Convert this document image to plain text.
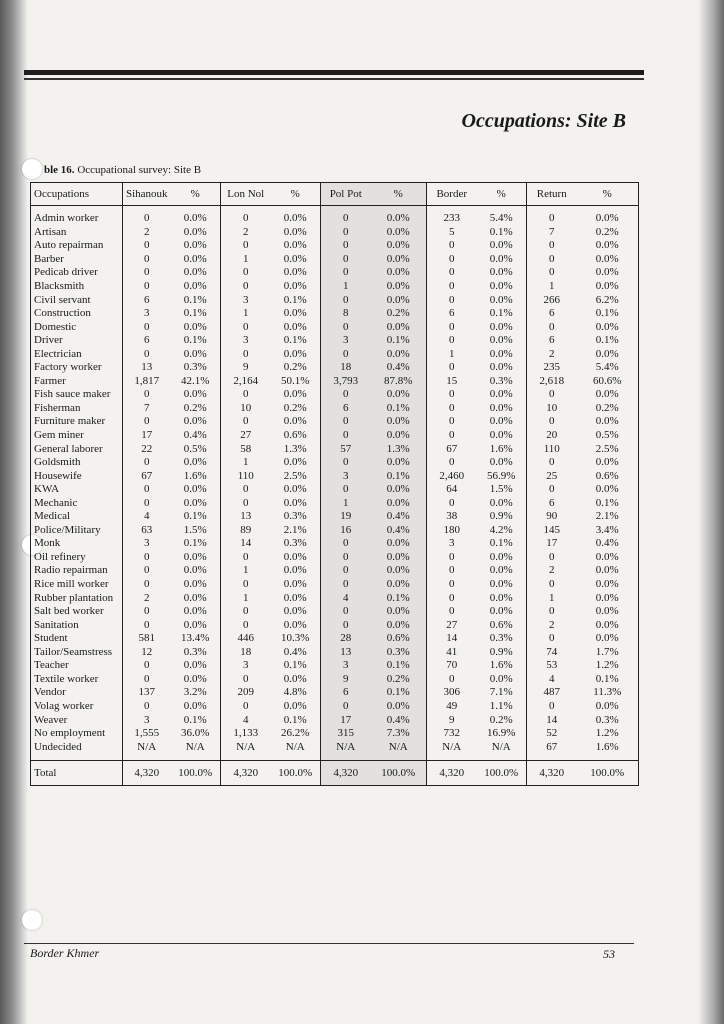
Occupations: Site B
ble 16. Occupational survey: Site B
Occupations	Sihanouk	%	Lon Nol	%	Pol Pot	%	Border	%	Return	%

Admin worker	0	0.0%	0	0.0%	0	0.0%	233	5.4%	0	0.0%
Artisan	2	0.0%	2	0.0%	0	0.0%	5	0.1%	7	0.2%
Auto repairman	0	0.0%	0	0.0%	0	0.0%	0	0.0%	0	0.0%
Barber	0	0.0%	1	0.0%	0	0.0%	0	0.0%	0	0.0%
Pedicab driver	0	0.0%	0	0.0%	0	0.0%	0	0.0%	0	0.0%
Blacksmith	0	0.0%	0	0.0%	1	0.0%	0	0.0%	1	0.0%
Civil servant	6	0.1%	3	0.1%	0	0.0%	0	0.0%	266	6.2%
Construction	3	0.1%	1	0.0%	8	0.2%	6	0.1%	6	0.1%
Domestic	0	0.0%	0	0.0%	0	0.0%	0	0.0%	0	0.0%
Driver	6	0.1%	3	0.1%	3	0.1%	0	0.0%	6	0.1%
Electrician	0	0.0%	0	0.0%	0	0.0%	1	0.0%	2	0.0%
Factory worker	13	0.3%	9	0.2%	18	0.4%	0	0.0%	235	5.4%
Farmer	1,817	42.1%	2,164	50.1%	3,793	87.8%	15	0.3%	2,618	60.6%
Fish sauce maker	0	0.0%	0	0.0%	0	0.0%	0	0.0%	0	0.0%
Fisherman	7	0.2%	10	0.2%	6	0.1%	0	0.0%	10	0.2%
Furniture maker	0	0.0%	0	0.0%	0	0.0%	0	0.0%	0	0.0%
Gem miner	17	0.4%	27	0.6%	0	0.0%	0	0.0%	20	0.5%
General laborer	22	0.5%	58	1.3%	57	1.3%	67	1.6%	110	2.5%
Goldsmith	0	0.0%	1	0.0%	0	0.0%	0	0.0%	0	0.0%
Housewife	67	1.6%	110	2.5%	3	0.1%	2,460	56.9%	25	0.6%
KWA	0	0.0%	0	0.0%	0	0.0%	64	1.5%	0	0.0%
Mechanic	0	0.0%	0	0.0%	1	0.0%	0	0.0%	6	0.1%
Medical	4	0.1%	13	0.3%	19	0.4%	38	0.9%	90	2.1%
Police/Military	63	1.5%	89	2.1%	16	0.4%	180	4.2%	145	3.4%
Monk	3	0.1%	14	0.3%	0	0.0%	3	0.1%	17	0.4%
Oil refinery	0	0.0%	0	0.0%	0	0.0%	0	0.0%	0	0.0%
Radio repairman	0	0.0%	1	0.0%	0	0.0%	0	0.0%	2	0.0%
Rice mill worker	0	0.0%	0	0.0%	0	0.0%	0	0.0%	0	0.0%
Rubber plantation	2	0.0%	1	0.0%	4	0.1%	0	0.0%	1	0.0%
Salt bed worker	0	0.0%	0	0.0%	0	0.0%	0	0.0%	0	0.0%
Sanitation	0	0.0%	0	0.0%	0	0.0%	27	0.6%	2	0.0%
Student	581	13.4%	446	10.3%	28	0.6%	14	0.3%	0	0.0%
Tailor/Seamstress	12	0.3%	18	0.4%	13	0.3%	41	0.9%	74	1.7%
Teacher	0	0.0%	3	0.1%	3	0.1%	70	1.6%	53	1.2%
Textile worker	0	0.0%	0	0.0%	9	0.2%	0	0.0%	4	0.1%
Vendor	137	3.2%	209	4.8%	6	0.1%	306	7.1%	487	11.3%
Volag worker	0	0.0%	0	0.0%	0	0.0%	49	1.1%	0	0.0%
Weaver	3	0.1%	4	0.1%	17	0.4%	9	0.2%	14	0.3%
No employment	1,555	36.0%	1,133	26.2%	315	7.3%	732	16.9%	52	1.2%
Undecided	N/A	N/A	N/A	N/A	N/A	N/A	N/A	N/A	67	1.6%

Total	4,320	100.0%	4,320	100.0%	4,320	100.0%	4,320	100.0%	4,320	100.0%
Border Khmer	53
